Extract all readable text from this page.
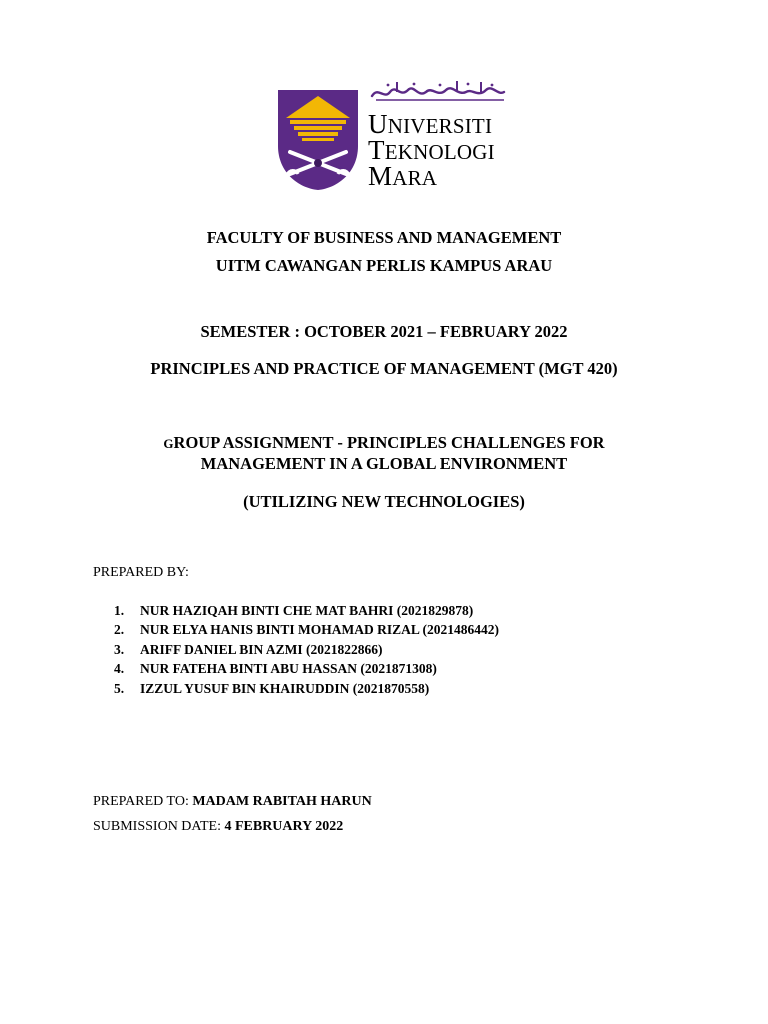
UNIVERSITI
TEKNOLOGI
MARA
FACULTY OF BUSINESS AND MANAGEMENT
UITM CAWANGAN PERLIS KAMPUS ARAU
SEMESTER : OCTOBER 2021 – FEBRUARY 2022
PRINCIPLES AND PRACTICE OF MANAGEMENT (MGT 420)
GROUP ASSIGNMENT - PRINCIPLES CHALLENGES FOR
MANAGEMENT IN A GLOBAL ENVIRONMENT
(UTILIZING NEW TECHNOLOGIES)
PREPARED BY:
1. NUR HAZIQAH BINTI CHE MAT BAHRI (2021829878)
2. NUR ELYA HANIS BINTI MOHAMAD RIZAL (2021486442)
3. ARIFF DANIEL BIN AZMI (2021822866)
4. NUR FATEHA BINTI ABU HASSAN (2021871308)
5. IZZUL YUSUF BIN KHAIRUDDIN (2021870558)
PREPARED TO: MADAM RABITAH HARUN
SUBMISSION DATE: 4 FEBRUARY 2022
